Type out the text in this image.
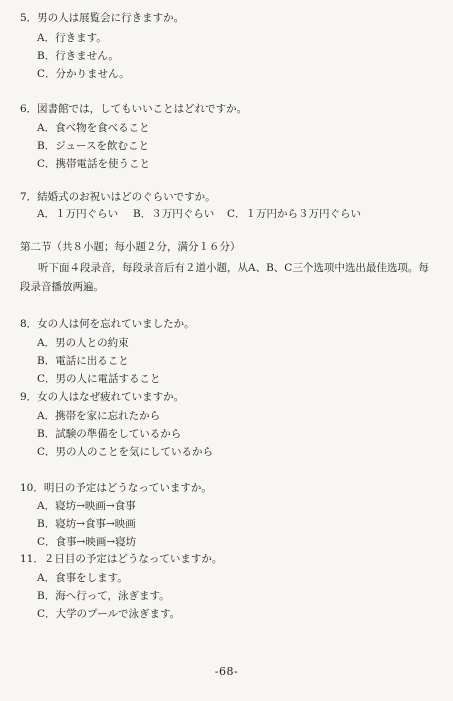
5．男の人は展覧会に行きますか。
A．行きます。
B．行きません。
C．分かりません。
6．図書館では，してもいいことはどれですか。
A．食べ物を食べること
B．ジュースを飲むこと
C．携帯電話を使うこと
7．結婚式のお祝いはどのぐらいですか。
A．１万円ぐらい	B．３万円ぐらい	C．１万円から３万円ぐらい
第二节（共８小题；每小题２分，满分１６分）
听下面４段录音，每段录音后有２道小题，从A、B、C三个选项中选出最佳选项。每
段录音播放两遍。
8．女の人は何を忘れていましたか。
A．男の人との約束
B．電話に出ること
C．男の人に電話すること
9．女の人はなぜ疲れていますか。
A．携帯を家に忘れたから
B．試験の準備をしているから
C．男の人のことを気にしているから
10．明日の予定はどうなっていますか。
A．寝坊→映画→食事
B．寝坊→食事→映画
C．食事→映画→寝坊
11．２日目の予定はどうなっていますか。
A．食事をします。
B．海へ行って，泳ぎます。
C．大学のプールで泳ぎます。
-68-
